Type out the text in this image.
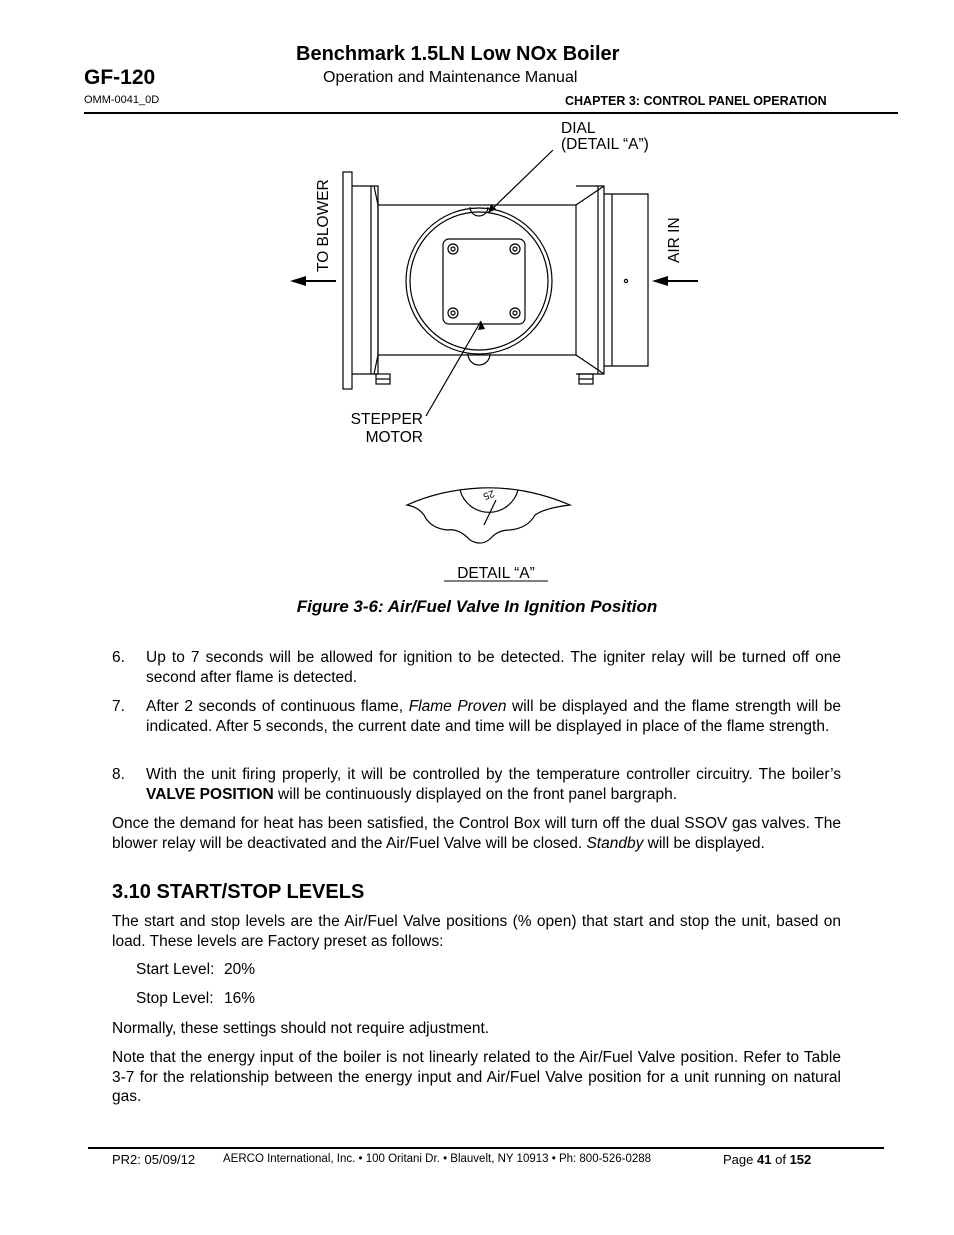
Benchmark 1.5LN Low NOx Boiler
Operation and Maintenance Manual
GF-120
OMM-0041_0D	CHAPTER 3: CONTROL PANEL OPERATION
DIAL
(DETAIL “A”)
STEPPER
MOTOR
TO BLOWER	AIR IN
25
DETAIL “A”
Figure 3-6: Air/Fuel Valve In Ignition Position
6.	Up to 7 seconds will be allowed for ignition to be detected. The igniter relay will be turned off one second after flame is detected.
7.	After 2 seconds of continuous flame, Flame Proven will be displayed and the flame strength will be indicated. After 5 seconds, the current date and time will be displayed in place of the flame strength.
8.	With the unit firing properly, it will be controlled by the temperature controller circuitry. The boiler’s VALVE POSITION will be continuously displayed on the front panel bargraph.
Once the demand for heat has been satisfied, the Control Box will turn off the dual SSOV gas valves. The blower relay will be deactivated and the Air/Fuel Valve will be closed. Standby will be displayed.
3.10 START/STOP LEVELS
The start and stop levels are the Air/Fuel Valve positions (% open) that start and stop the unit, based on load. These levels are Factory preset as follows:
Start Level: 20%
Stop Level: 16%
Normally, these settings should not require adjustment.
Note that the energy input of the boiler is not linearly related to the Air/Fuel Valve position. Refer to Table 3-7 for the relationship between the energy input and Air/Fuel Valve position for a unit running on natural gas.
PR2: 05/09/12 AERCO International, Inc. • 100 Oritani Dr. • Blauvelt, NY 10913 • Ph: 800-526-0288	Page 41 of 152
